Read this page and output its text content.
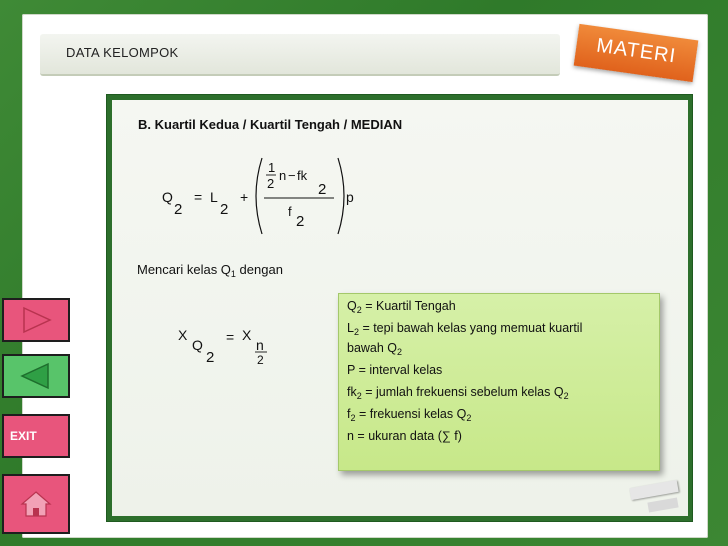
DATA KELOMPOK	MATERI
B. Kuartil Kedua / Kuartil Tengah / MEDIAN
Q
2
= L
2
+
1
2
n − fk
2
f
2
p
Mencari kelas $Q_1$ dengan
X
Q
2
= X
n
2
$Q_2$ = Kuartil Tengah
$L_2$ = tepi bawah kelas yang memuat kuartil
bawah $Q_2$
P = interval kelas
$fk_2$ = jumlah frekuensi sebelum kelas $Q_2$
$f_2$ = frekuensi kelas $Q_2$
n = ukuran data (∑ f)
EXIT
